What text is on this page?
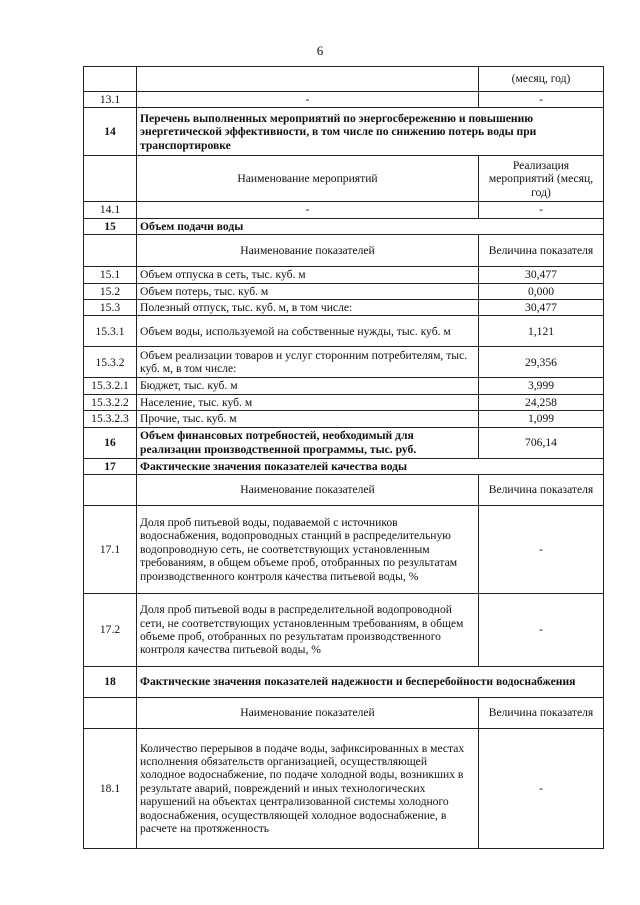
6
		(месяц, год)
13.1	-	-
14	Перечень выполненных мероприятий по энергосбережению и повышению энергетической эффективности, в том числе по снижению потерь воды при транспортировке	
	Наименование мероприятий	Реализация мероприятий (месяц, год)
14.1	-	-
15	Объем подачи воды	
	Наименование показателей	Величина показателя
15.1	Объем отпуска в сеть, тыс. куб. м	30,477
15.2	Объем потерь, тыс. куб. м	0,000
15.3	Полезный отпуск, тыс. куб. м, в том числе:	30,477
15.3.1	Объем воды, используемой на собственные нужды, тыс. куб. м	1,121
15.3.2	Объем реализации товаров и услуг сторонним потребителям, тыс. куб. м, в том числе:	29,356
15.3.2.1	Бюджет, тыс. куб. м	3,999
15.3.2.2	Население, тыс. куб. м	24,258
15.3.2.3	Прочие, тыс. куб. м	1,099
16	Объем финансовых потребностей, необходимый для реализации производственной программы, тыс. руб.	706,14
17	Фактические значения показателей качества воды	
	Наименование показателей	Величина показателя
17.1	Доля проб питьевой воды, подаваемой с источников водоснабжения, водопроводных станций в распределительную водопроводную сеть, не соответствующих установленным требованиям, в общем объеме проб, отобранных по результатам производственного контроля качества питьевой воды, %	-
17.2	Доля проб питьевой воды в распределительной водопроводной сети, не соответствующих установленным требованиям, в общем объеме проб, отобранных по результатам производственного контроля качества питьевой воды, %	-
18	Фактические значения показателей надежности и бесперебойности водоснабжения	
	Наименование показателей	Величина показателя
18.1	Количество перерывов в подаче воды, зафиксированных в местах исполнения обязательств организацией, осуществляющей холодное водоснабжение, по подаче холодной воды, возникших в результате аварий, повреждений и иных технологических нарушений на объектах централизованной системы холодного водоснабжения, осуществляющей холодное водоснабжение, в расчете на протяженность	-
